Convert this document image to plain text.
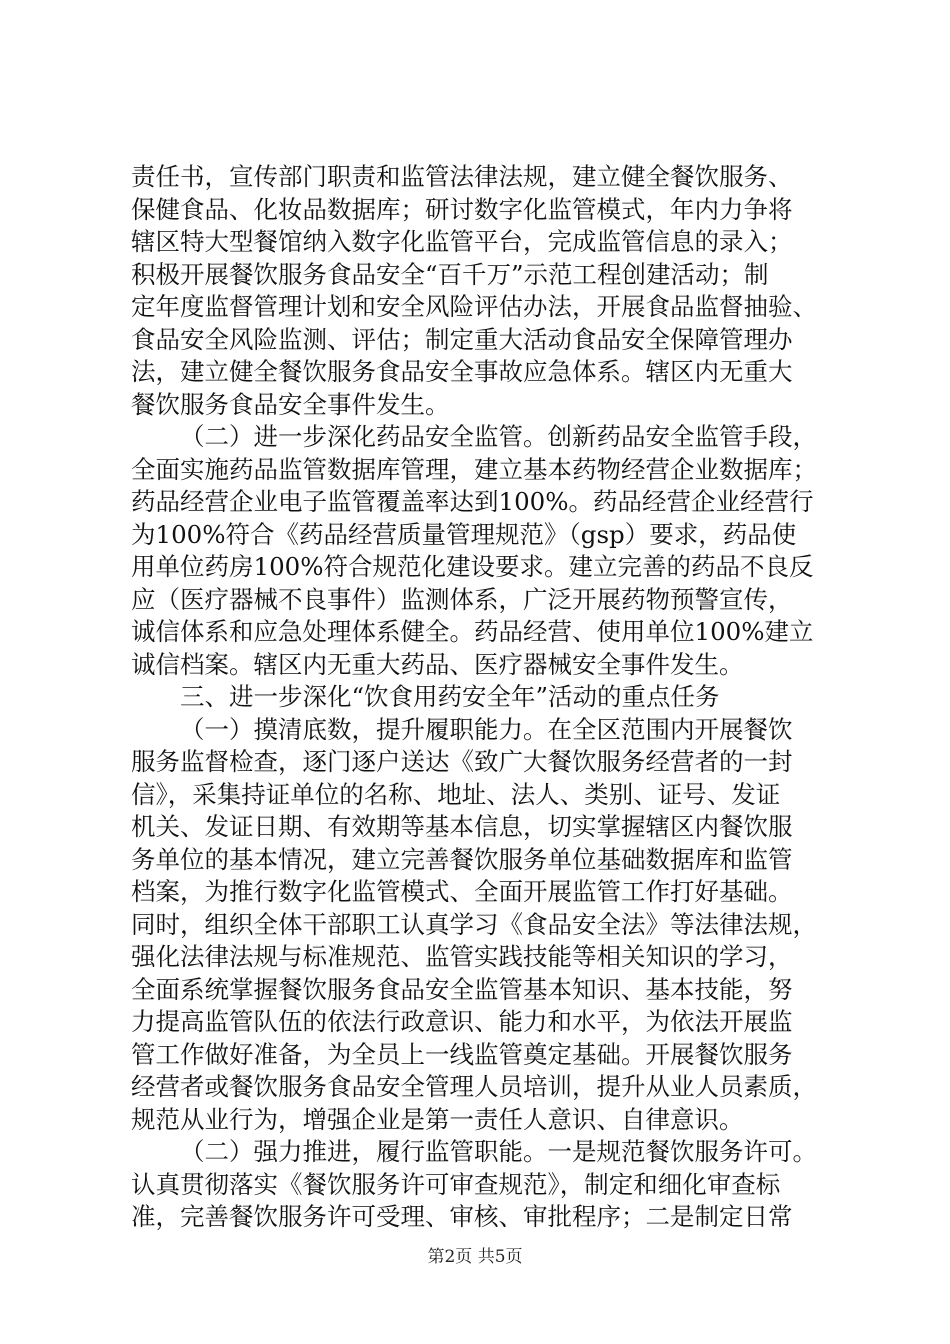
责任书，宣传部门职责和监管法律法规，建立健全餐饮服务、
保健食品、化妆品数据库；研讨数字化监管模式，年内力争将
辖区特大型餐馆纳入数字化监管平台，完成监管信息的录入；
积极开展餐饮服务食品安全“百千万”示范工程创建活动；制
定年度监督管理计划和安全风险评估办法，开展食品监督抽验、
食品安全风险监测、评估；制定重大活动食品安全保障管理办
法，建立健全餐饮服务食品安全事故应急体系。辖区内无重大
餐饮服务食品安全事件发生。
（二）进一步深化药品安全监管。创新药品安全监管手段，
全面实施药品监管数据库管理，建立基本药物经营企业数据库；
药品经营企业电子监管覆盖率达到100%。药品经营企业经营行
为100%符合《药品经营质量管理规范》（gsp）要求，药品使
用单位药房100%符合规范化建设要求。建立完善的药品不良反
应（医疗器械不良事件）监测体系，广泛开展药物预警宣传，
诚信体系和应急处理体系健全。药品经营、使用单位100%建立
诚信档案。辖区内无重大药品、医疗器械安全事件发生。
三、进一步深化“饮食用药安全年”活动的重点任务
（一）摸清底数，提升履职能力。在全区范围内开展餐饮
服务监督检查，逐门逐户送达《致广大餐饮服务经营者的一封
信》，采集持证单位的名称、地址、法人、类别、证号、发证
机关、发证日期、有效期等基本信息，切实掌握辖区内餐饮服
务单位的基本情况，建立完善餐饮服务单位基础数据库和监管
档案，为推行数字化监管模式、全面开展监管工作打好基础。
同时，组织全体干部职工认真学习《食品安全法》等法律法规，
强化法律法规与标准规范、监管实践技能等相关知识的学习，
全面系统掌握餐饮服务食品安全监管基本知识、基本技能，努
力提高监管队伍的依法行政意识、能力和水平，为依法开展监
管工作做好准备，为全员上一线监管奠定基础。开展餐饮服务
经营者或餐饮服务食品安全管理人员培训，提升从业人员素质，
规范从业行为，增强企业是第一责任人意识、自律意识。
（二）强力推进，履行监管职能。一是规范餐饮服务许可。
认真贯彻落实《餐饮服务许可审查规范》，制定和细化审查标
准，完善餐饮服务许可受理、审核、审批程序；二是制定日常
第2页 共5页
